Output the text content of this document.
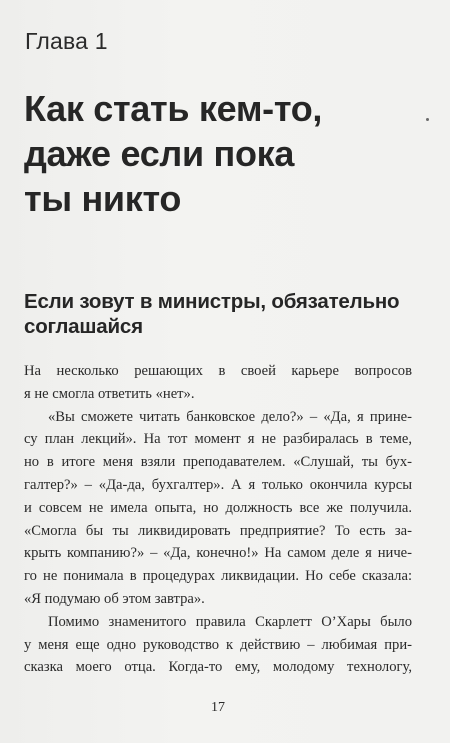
Глава 1
Как стать кем-то,
даже если пока
ты никто
Если зовут в министры, обязательно
соглашайся
На несколько решающих в своей карьере вопросов
я не смогла ответить «нет».
«Вы сможете читать банковское дело?» – «Да, я прине-
су план лекций». На тот момент я не разбиралась в теме,
но в итоге меня взяли преподавателем. «Слушай, ты бух-
галтер?» – «Да-да, бухгалтер». А я только окончила курсы
и совсем не имела опыта, но должность все же получила.
«Смогла бы ты ликвидировать предприятие? То есть за-
крыть компанию?» – «Да, конечно!» На самом деле я ниче-
го не понимала в процедурах ликвидации. Но себе сказала:
«Я подумаю об этом завтра».
Помимо знаменитого правила Скарлетт О’Хары было
у меня еще одно руководство к действию – любимая при-
сказка моего отца. Когда-то ему, молодому технологу,
17
